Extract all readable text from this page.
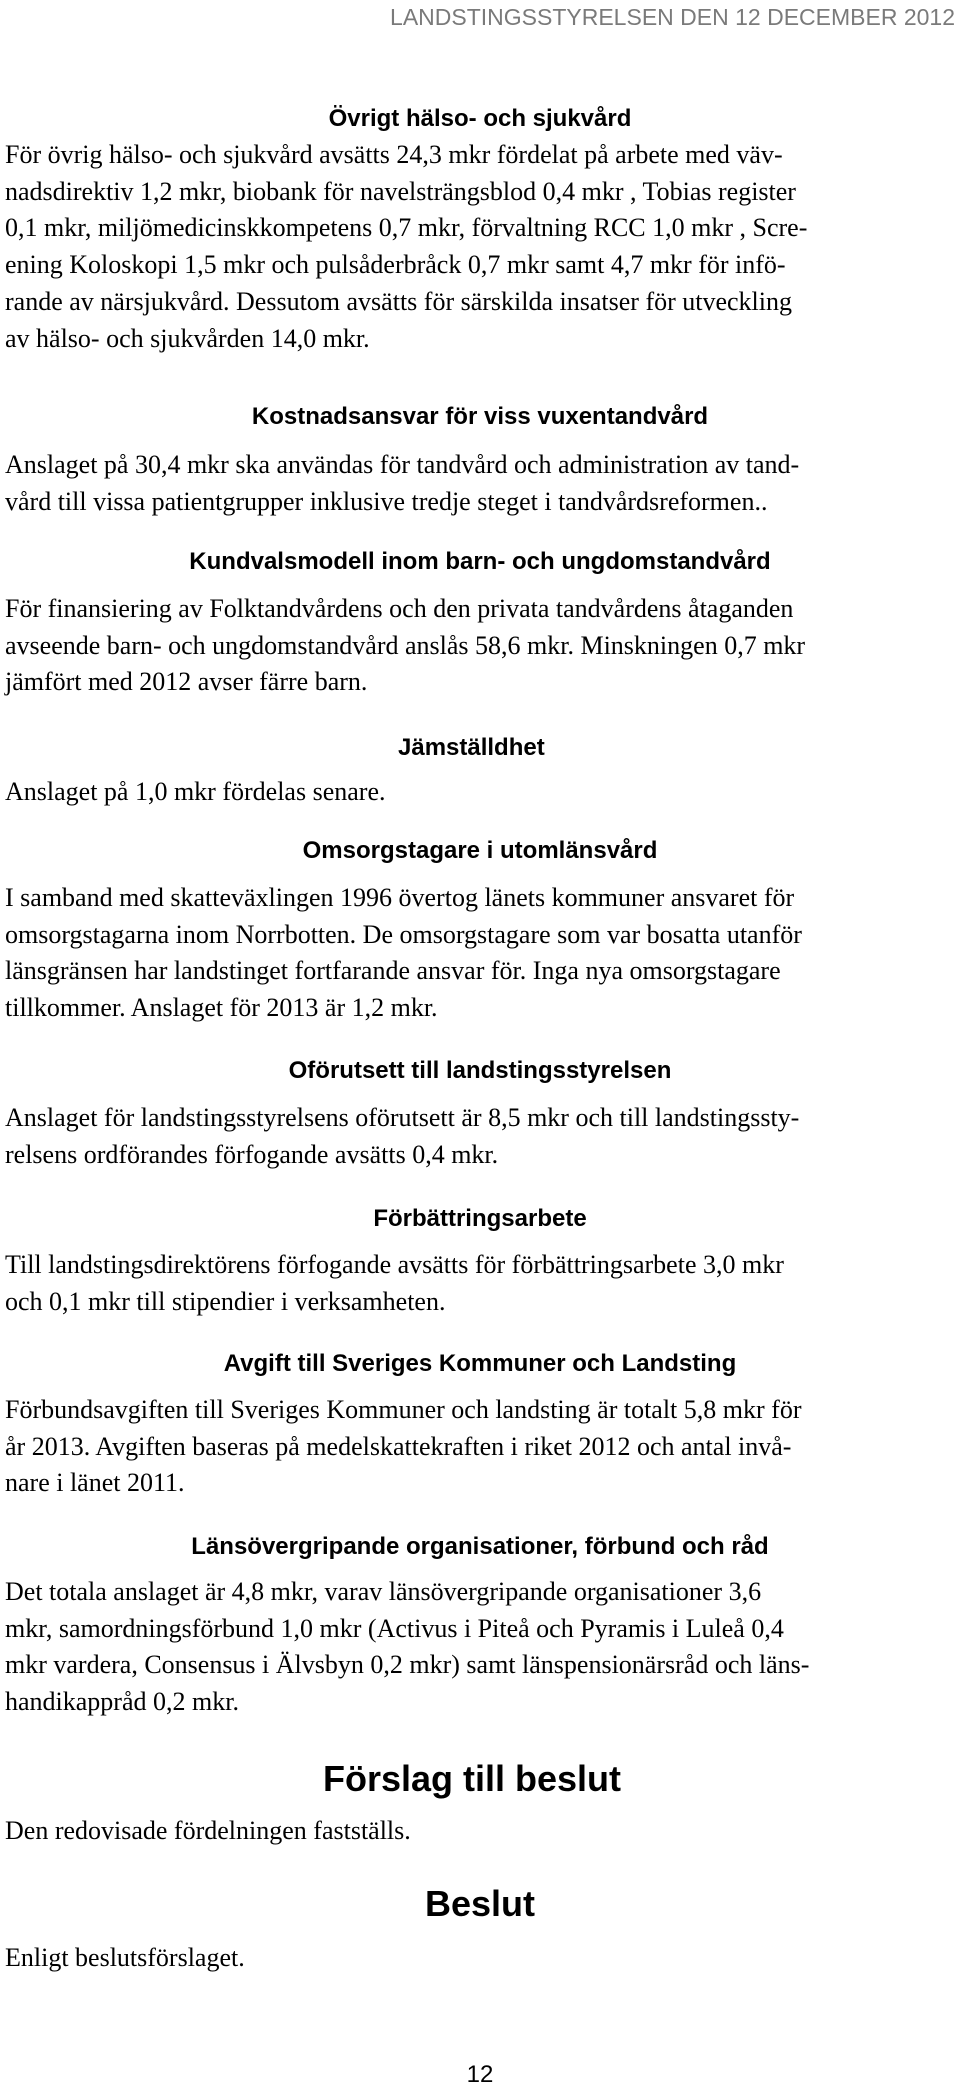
LANDSTINGSSTYRELSEN DEN 12 DECEMBER 2012
Övrigt hälso- och sjukvård
För övrig hälso- och sjukvård avsätts 24,3 mkr fördelat på arbete med väv-
nadsdirektiv 1,2 mkr, biobank för navelsträngsblod 0,4 mkr , Tobias register
0,1 mkr, miljömedicinskkompetens 0,7 mkr, förvaltning RCC 1,0 mkr , Scre-
ening Koloskopi 1,5 mkr och pulsåderbråck 0,7 mkr samt 4,7 mkr för infö-
rande av närsjukvård. Dessutom avsätts för särskilda insatser för utveckling
av hälso- och sjukvården 14,0 mkr.
Kostnadsansvar för viss vuxentandvård
Anslaget på 30,4 mkr ska användas för tandvård och administration av tand-
vård till vissa patientgrupper inklusive tredje steget i tandvårdsreformen..
Kundvalsmodell inom barn- och ungdomstandvård
För finansiering av Folktandvårdens och den privata tandvårdens åtaganden
avseende barn- och ungdomstandvård anslås 58,6 mkr. Minskningen 0,7 mkr
jämfört med 2012 avser färre barn.
Jämställdhet
Anslaget på 1,0 mkr fördelas senare.
Omsorgstagare i utomlänsvård
I samband med skatteväxlingen 1996 övertog länets kommuner ansvaret för
omsorgstagarna inom Norrbotten. De omsorgstagare som var bosatta utanför
länsgränsen har landstinget fortfarande ansvar för. Inga nya omsorgstagare
tillkommer. Anslaget för 2013 är 1,2 mkr.
Oförutsett till landstingsstyrelsen
Anslaget för landstingsstyrelsens oförutsett är 8,5 mkr och till landstingssty-
relsens ordförandes förfogande avsätts 0,4 mkr.
Förbättringsarbete
Till landstingsdirektörens förfogande avsätts för förbättringsarbete 3,0 mkr
och 0,1 mkr till stipendier i verksamheten.
Avgift till Sveriges Kommuner och Landsting
Förbundsavgiften till Sveriges Kommuner och landsting är totalt 5,8 mkr för
år 2013. Avgiften baseras på medelskattekraften i riket 2012 och antal invå-
nare i länet 2011.
Länsövergripande organisationer, förbund och råd
Det totala anslaget är 4,8 mkr, varav länsövergripande organisationer 3,6
mkr, samordningsförbund 1,0 mkr (Activus i Piteå och Pyramis i Luleå 0,4
mkr vardera, Consensus i Älvsbyn 0,2 mkr) samt länspensionärsråd och läns-
handikappråd 0,2 mkr.
Förslag till beslut
Den redovisade fördelningen fastställs.
Beslut
Enligt beslutsförslaget.
12
